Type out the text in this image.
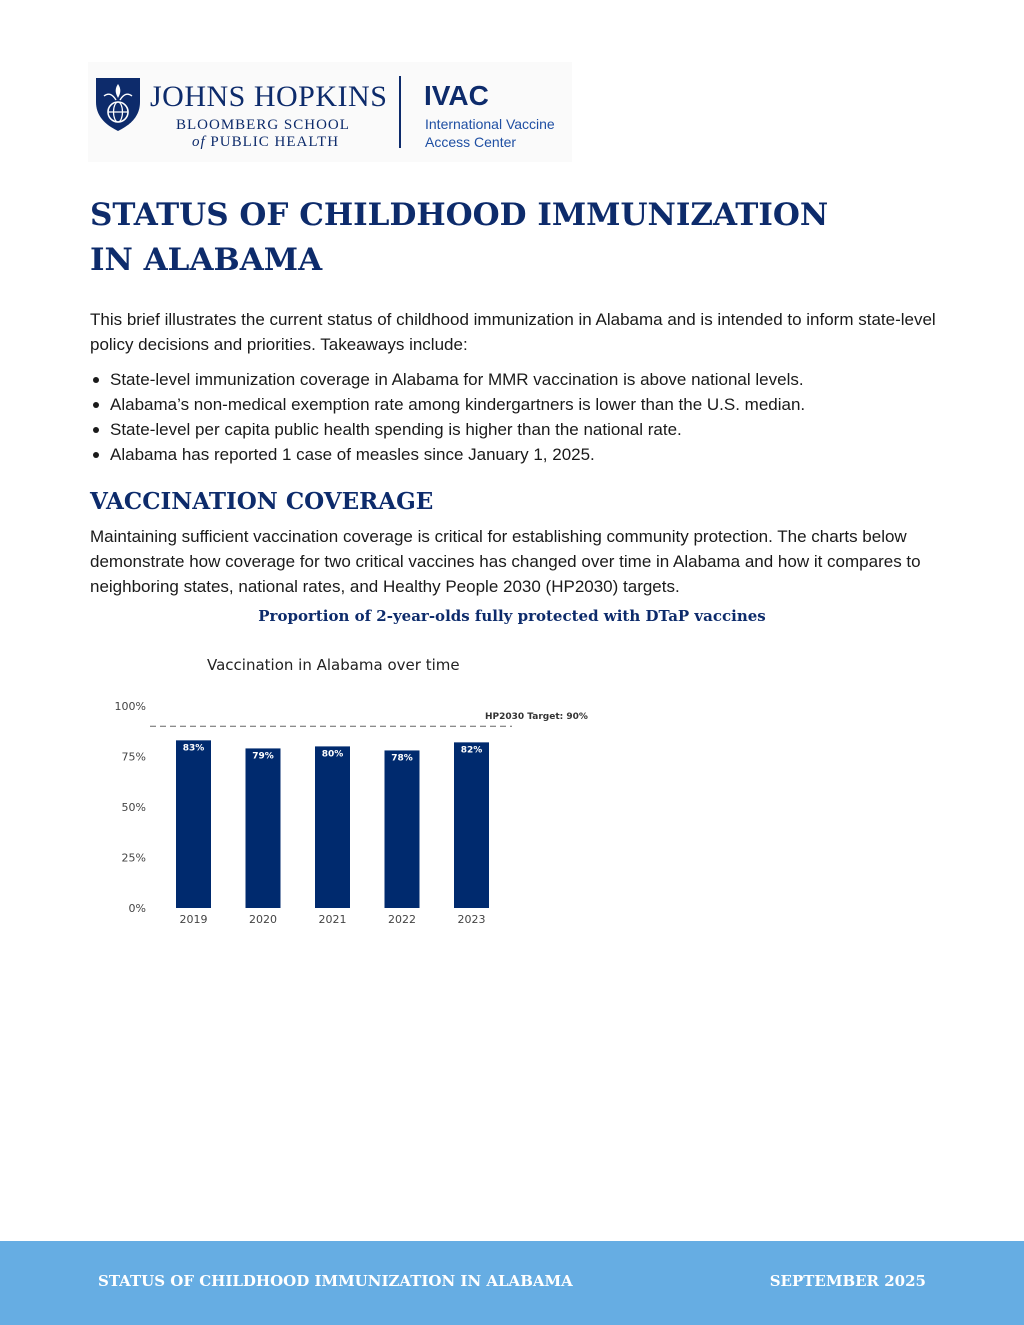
JOHNS HOPKINS
BLOOMBERG SCHOOL
of PUBLIC HEALTH
IVAC
International Vaccine
Access Center
STATUS OF CHILDHOOD IMMUNIZATION IN ALABAMA

This brief illustrates the current status of childhood immunization in Alabama and is intended to inform state-level policy decisions and priorities. Takeaways include:

State-level immunization coverage in Alabama for MMR vaccination is above national levels.
Alabama’s non-medical exemption rate among kindergartners is lower than the U.S. median.
State-level per capita public health spending is higher than the national rate.
Alabama has reported 1 case of measles since January 1, 2025.
VACCINATION COVERAGE

Maintaining sufficient vaccination coverage is critical for establishing community protection. The charts below demonstrate how coverage for two critical vaccines has changed over time in Alabama and how it compares to neighboring states, national rates, and Healthy People 2030 (HP2030) targets.

Proportion of 2-year-olds fully protected with DTaP vaccines
Vaccination in Alabama over time
0%
25%
50%
75%
100%
HP2030 Target: 90%
83%
2019
79%
2020
80%
2021
78%
2022
82%
2023
STATUS OF CHILDHOOD IMMUNIZATION IN ALABAMA	SEPTEMBER 2025
